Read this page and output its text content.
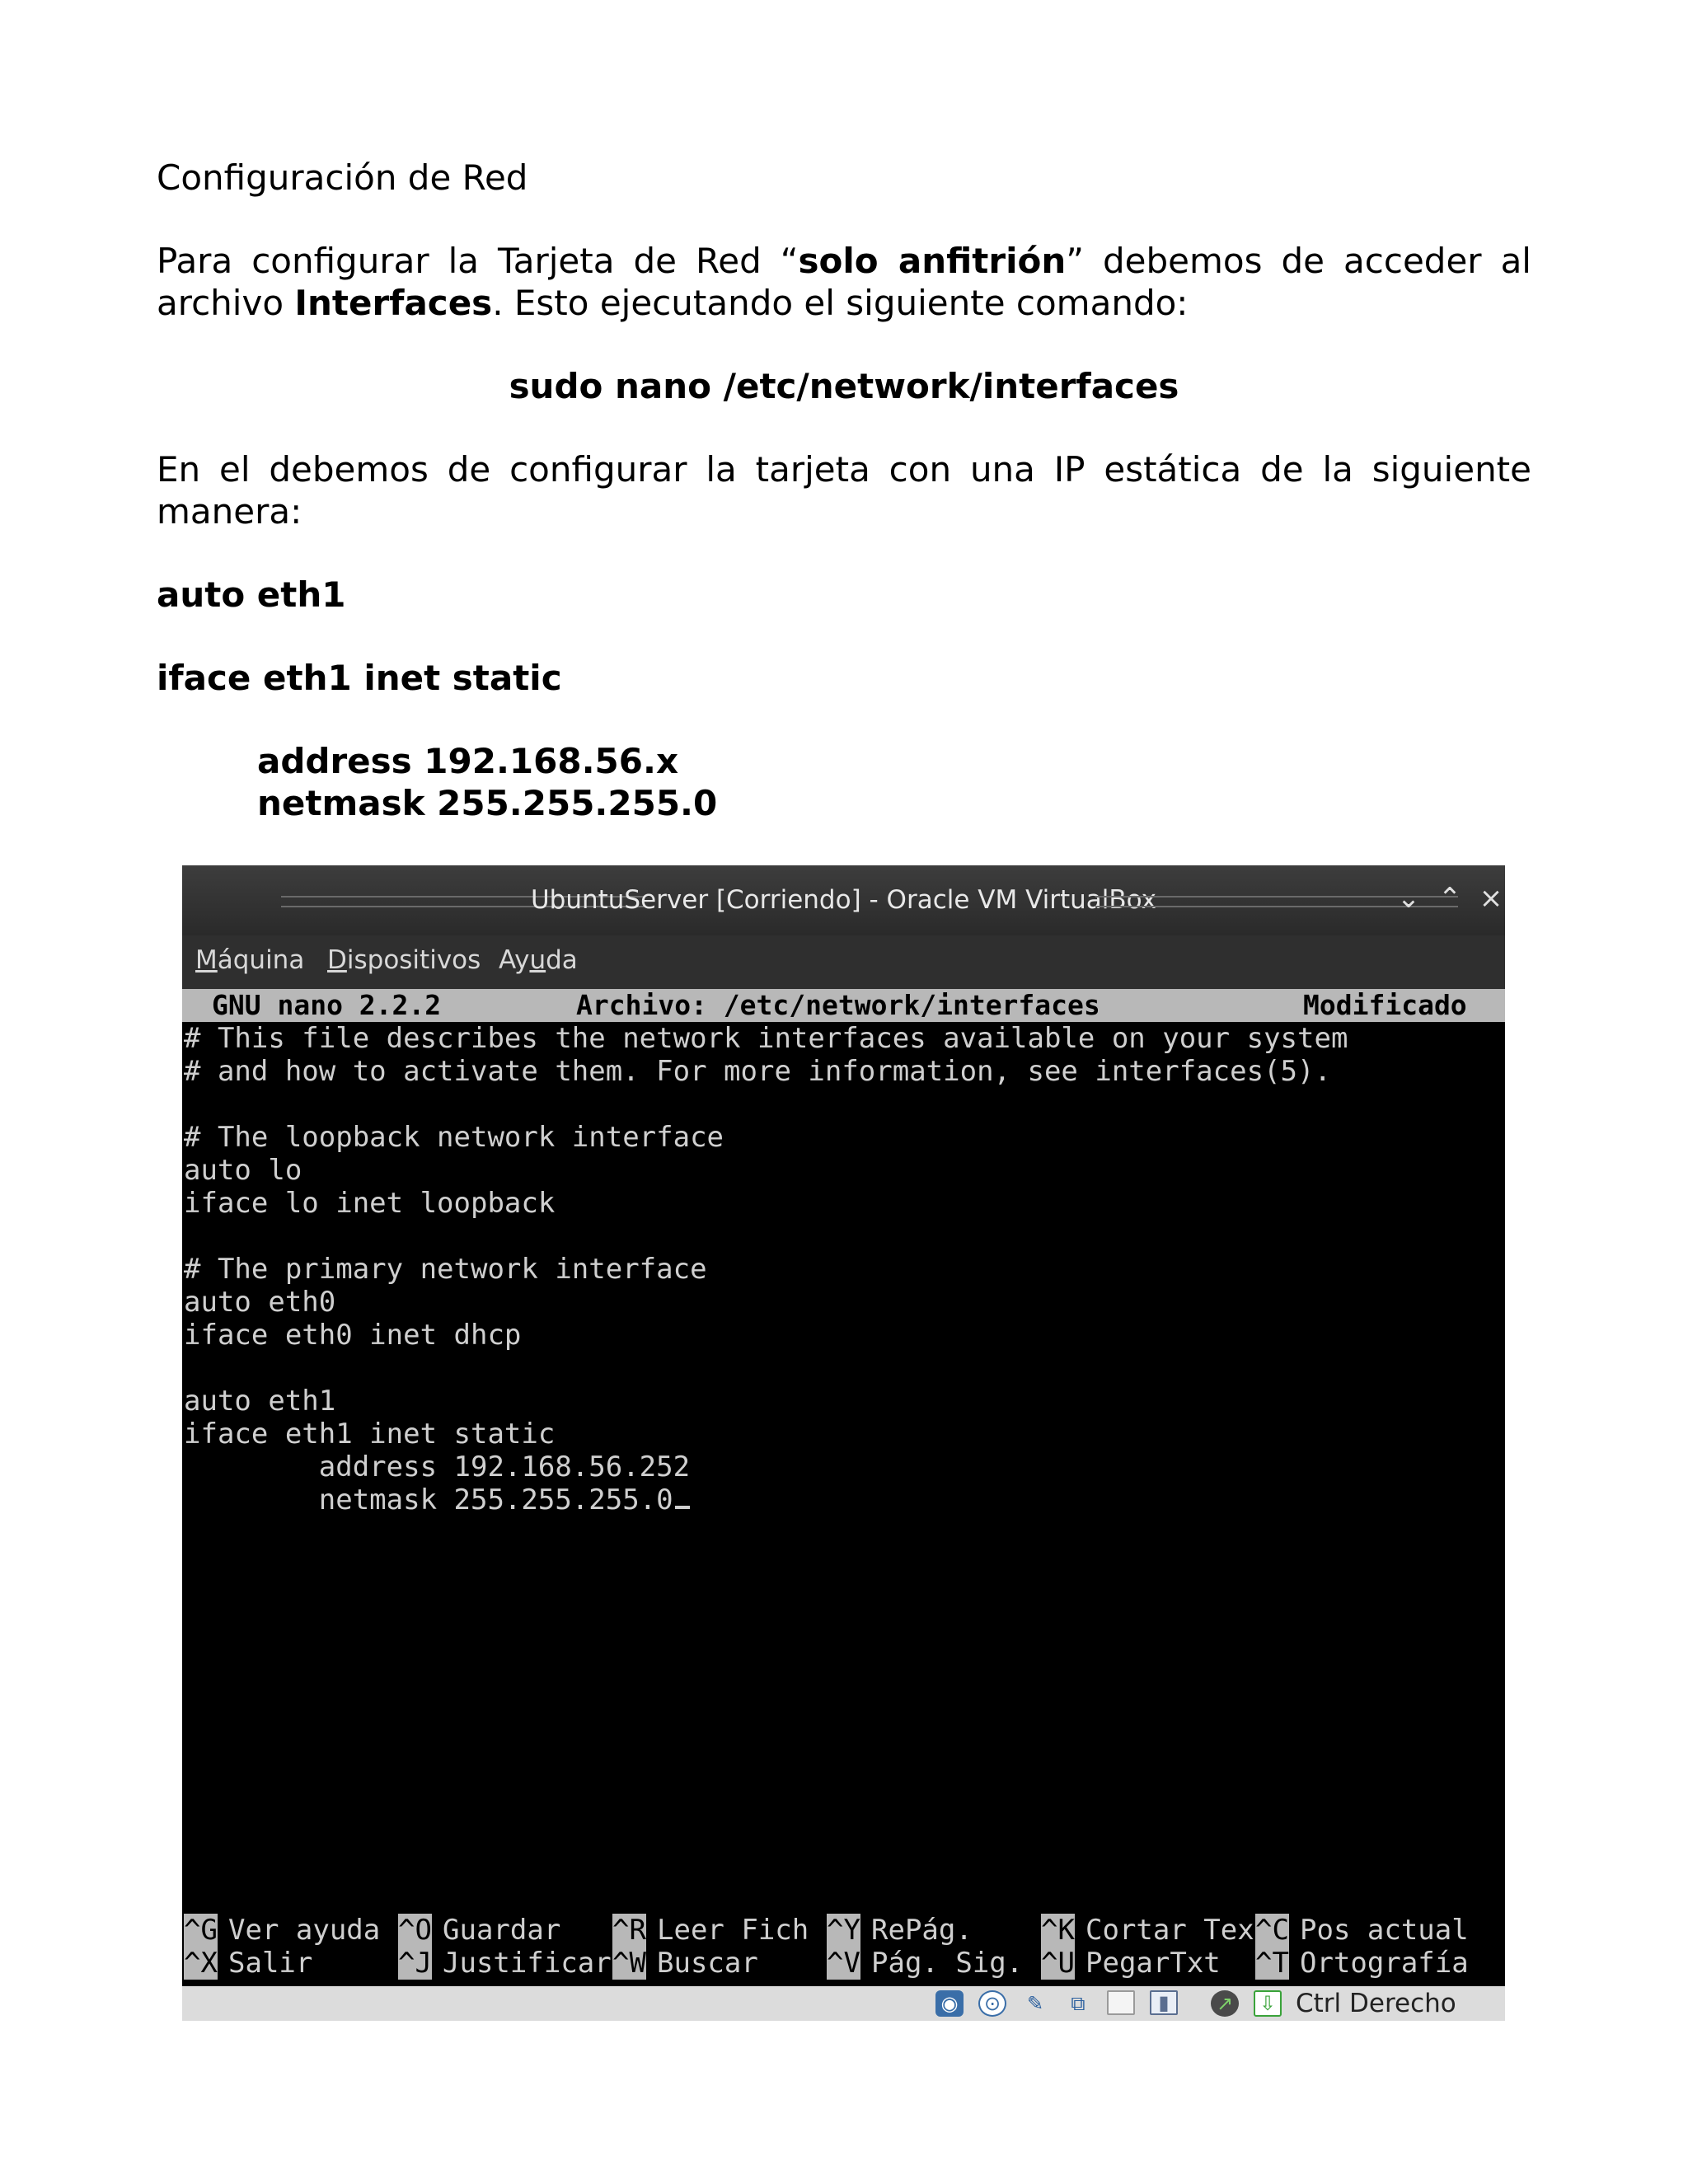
Configuración de Red
Para configurar la Tarjeta de Red “solo anfitrión” debemos de acceder al
archivo Interfaces. Esto ejecutando el siguiente comando:
sudo nano /etc/network/interfaces
En el debemos de configurar la tarjeta con una IP estática de la siguiente
manera:
auto eth1
iface eth1 inet static
address 192.168.56.x
netmask 255.255.255.0
UbuntuServer [Corriendo] - Oracle VM VirtualBox	⌄ ⌃ ×
Máquina Dispositivos Ayuda
GNU nano 2.2.2	Archivo: /etc/network/interfaces	Modificado
# This file describes the network interfaces available on your system
# and how to activate them. For more information, see interfaces(5).
# The loopback network interface
auto lo
iface lo inet loopback
# The primary network interface
auto eth0
iface eth0 inet dhcp
auto eth1
iface eth1 inet static
address 192.168.56.252
netmask 255.255.255.0
^G Ver ayuda ^O Guardar ^R Leer Fich ^Y RePág. ^K Cortar Tex ^C Pos actual
^X Salir	^J Justificar ^W Buscar ^V Pág. Sig. ^U PegarTxt ^T Ortografía
◉ ⊙ ✎	⧉	▮	↗ ⇩ Ctrl Derecho
